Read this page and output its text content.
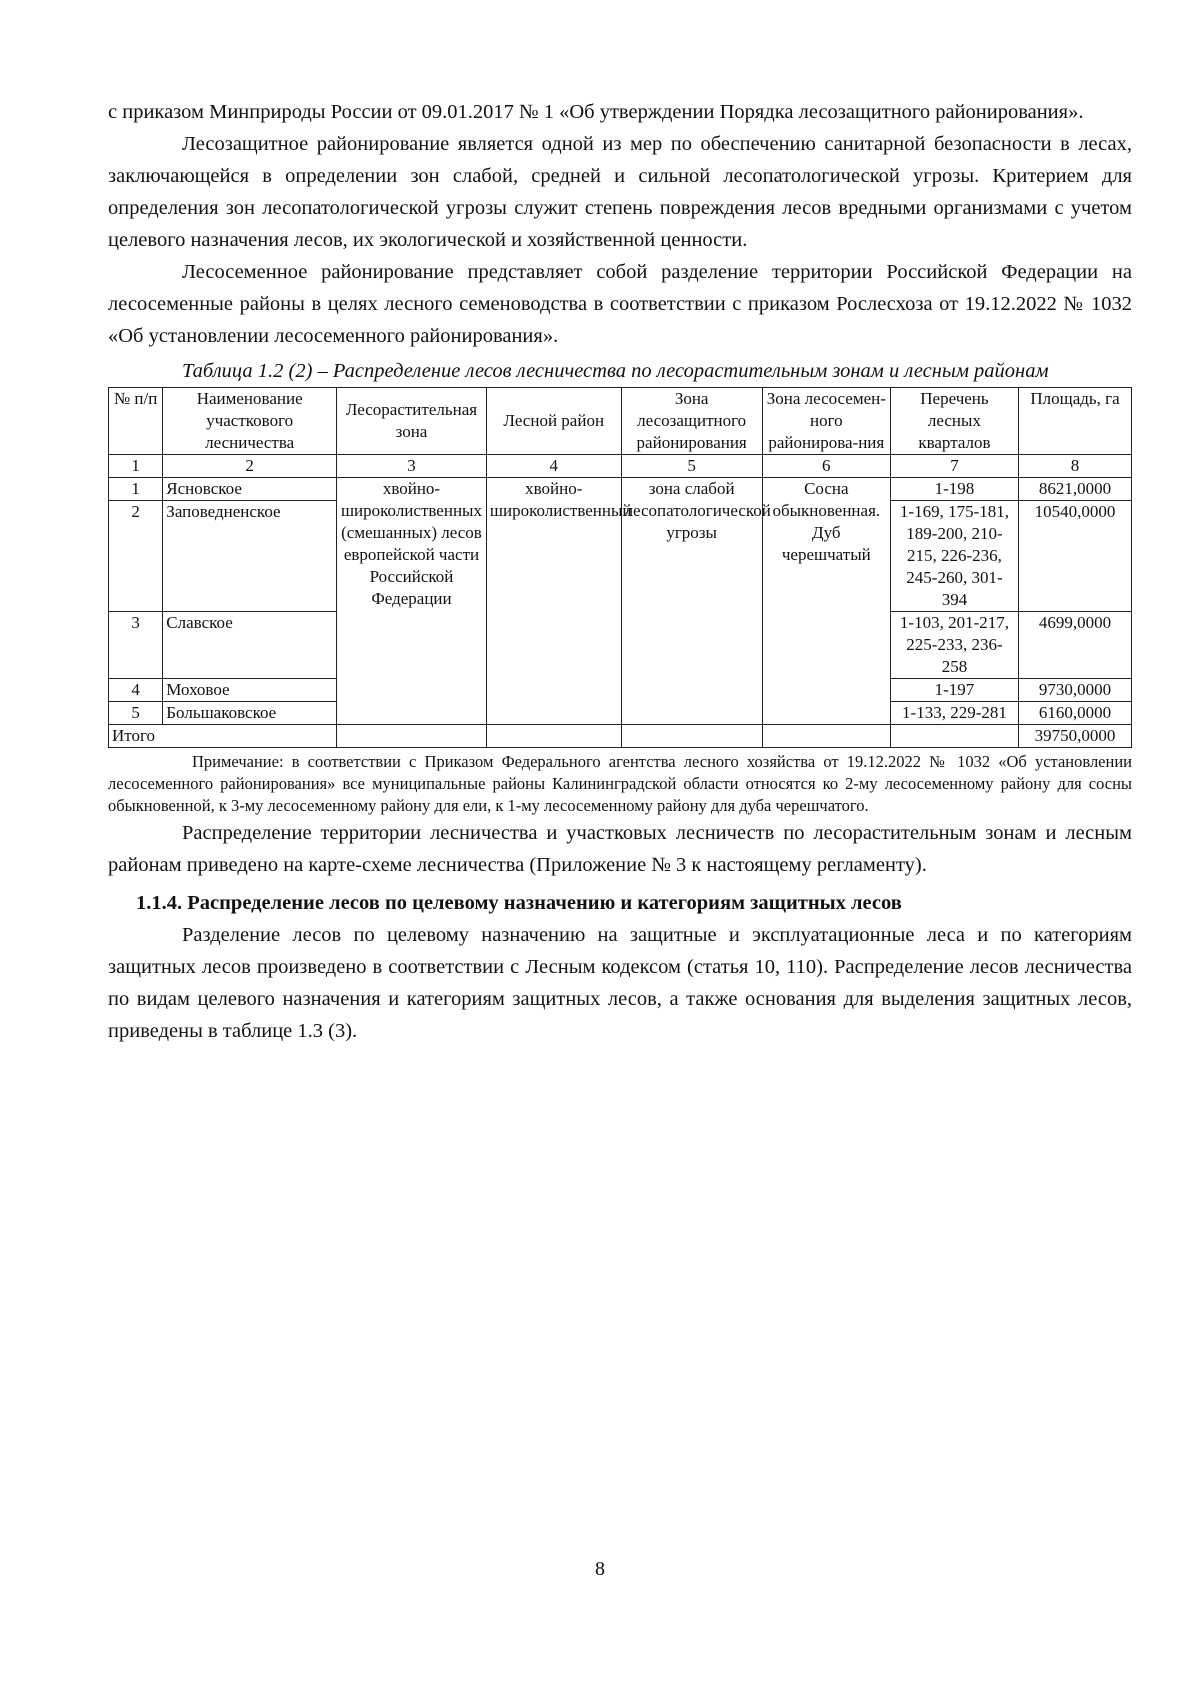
с приказом Минприроды России от 09.01.2017 № 1 «Об утверждении Порядка лесозащитного районирования».

Лесозащитное районирование является одной из мер по обеспечению санитарной безопасности в лесах, заключающейся в определении зон слабой, средней и сильной лесопатологической угрозы. Критерием для определения зон лесопатологической угрозы служит степень повреждения лесов вредными организмами с учетом целевого назначения лесов, их экологической и хозяйственной ценности.

Лесосеменное районирование представляет собой разделение территории Российской Федерации на лесосеменные районы в целях лесного семеноводства в соответствии с приказом Рослесхоза от 19.12.2022 № 1032 «Об установлении лесосеменного районирования».

Таблица 1.2 (2) – Распределение лесов лесничества по лесорастительным зонам и лесным районам

№ п/п	Наименование участкового лесничества	Лесорастительная зона	Лесной район	Зона лесозащитного районирования	Зона лесосемен-ного районирова-ния	Перечень лесных кварталов	Площадь, га
1	2	3	4	5	6	7	8
1	Ясновское	хвойно-широколиственных (смешанных) лесов европейской части Российской Федерации	хвойно-широколиственный	зона слабой лесопатологической угрозы	Сосна обыкновенная. Дуб черешчатый	1-198	8621,0000
2	Заповедненское					1-169, 175-181, 189-200, 210-215, 226-236, 245-260, 301-394	10540,0000
3	Славское					1-103, 201-217, 225-233, 236-258	4699,0000
4	Моховое					1-197	9730,0000
5	Большаковское					1-133, 229-281	6160,0000
Итого							39750,0000

Примечание: в соответствии с Приказом Федерального агентства лесного хозяйства от 19.12.2022 № 1032 «Об установлении лесосеменного районирования» все муниципальные районы Калининградской области относятся ко 2-му лесосеменному району для сосны обыкновенной, к 3-му лесосеменному району для ели, к 1-му лесосеменному району для дуба черешчатого.

Распределение территории лесничества и участковых лесничеств по лесорастительным зонам и лесным районам приведено на карте-схеме лесничества (Приложение № 3 к настоящему регламенту).

1.1.4. Распределение лесов по целевому назначению и категориям защитных лесов

Разделение лесов по целевому назначению на защитные и эксплуатационные леса и по категориям защитных лесов произведено в соответствии с Лесным кодексом (статья 10, 110). Распределение лесов лесничества по видам целевого назначения и категориям защитных лесов, а также основания для выделения защитных лесов, приведены в таблице 1.3 (3).

8
